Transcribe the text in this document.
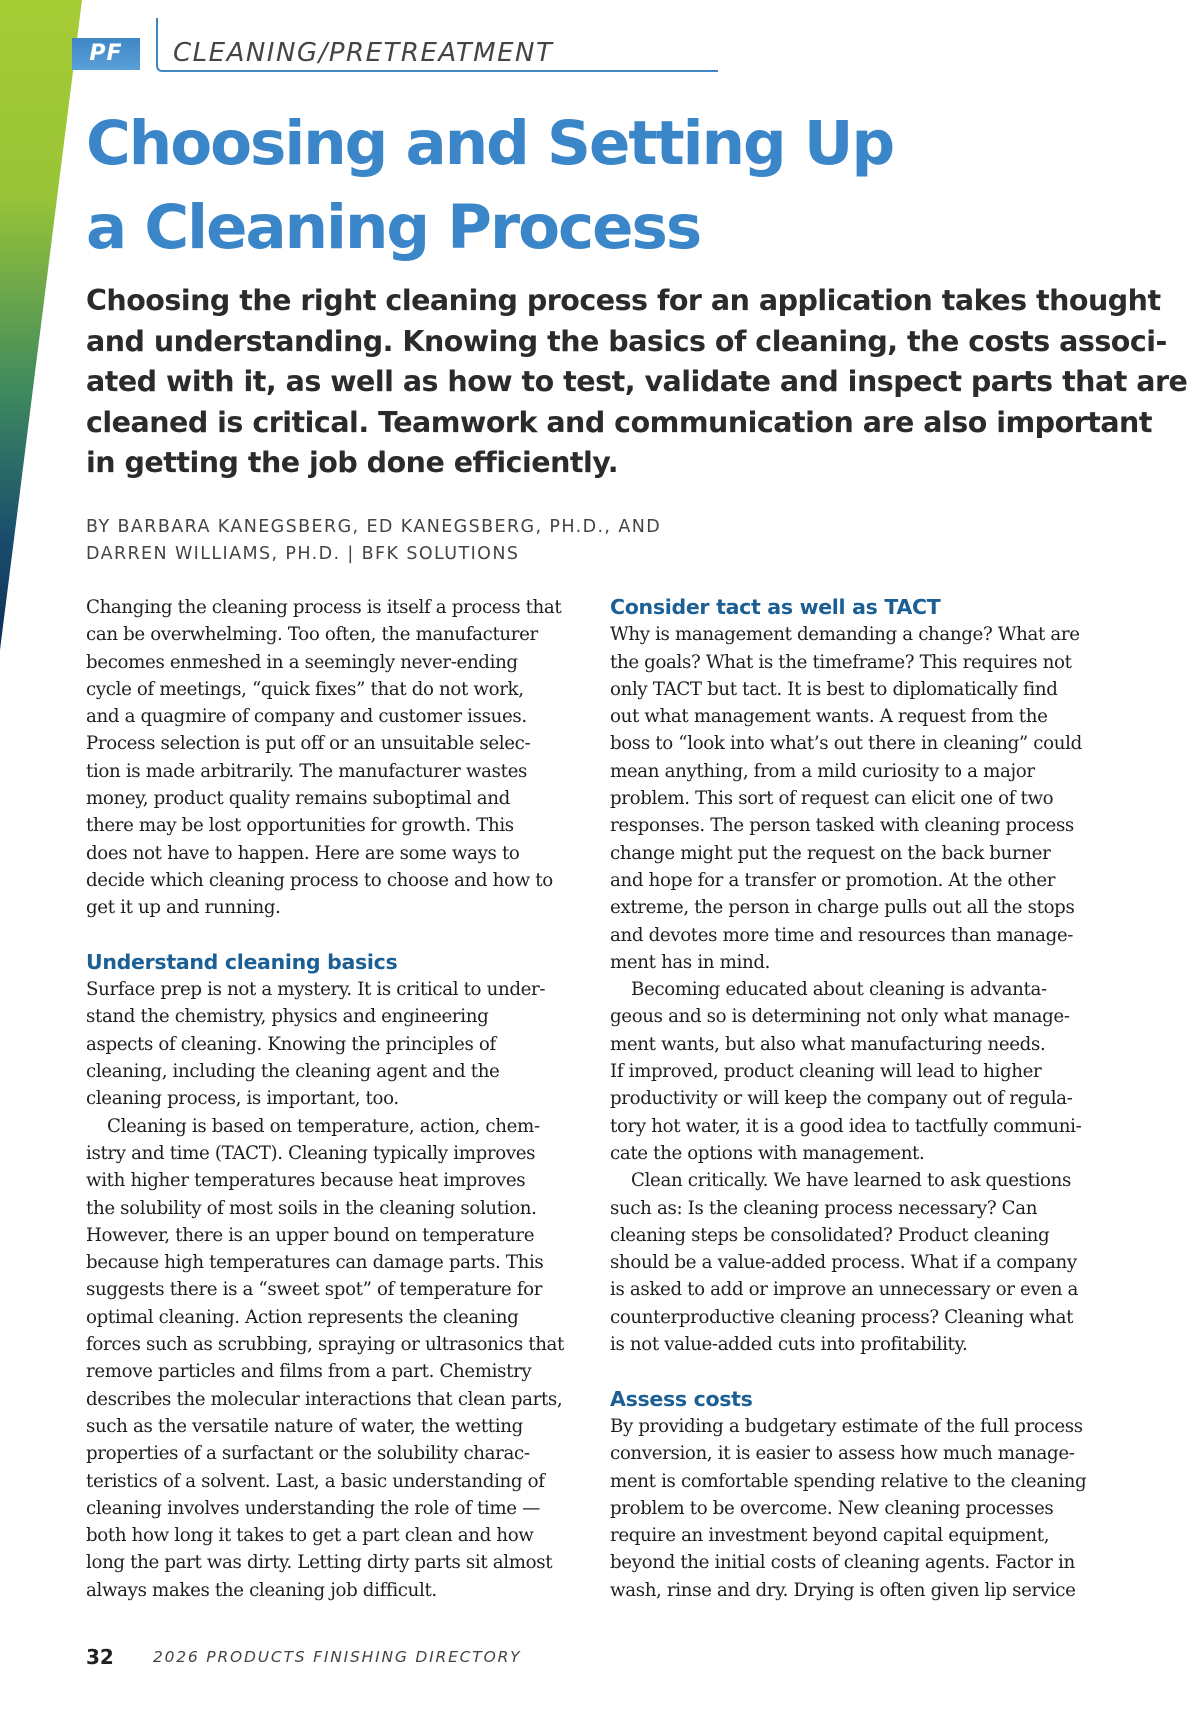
PF	CLEANING/PRETREATMENT
Choosing and Setting Up
a Cleaning Process
Choosing the right cleaning process for an application takes thought
and understanding. Knowing the basics of cleaning, the costs associ-
ated with it, as well as how to test, validate and inspect parts that are
cleaned is critical. Teamwork and communication are also important
in getting the job done efficiently.
BY BARBARA KANEGSBERG, ED KANEGSBERG, PH.D., AND
DARREN WILLIAMS, PH.D. | BFK SOLUTIONS
Changing the cleaning process is itself a process that
can be overwhelming. Too often, the manufacturer
becomes enmeshed in a seemingly never-ending
cycle of meetings, “quick fixes” that do not work,
and a quagmire of company and customer issues.
Process selection is put off or an unsuitable selec-
tion is made arbitrarily. The manufacturer wastes
money, product quality remains suboptimal and
there may be lost opportunities for growth. This
does not have to happen. Here are some ways to
decide which cleaning process to choose and how to
get it up and running.
Understand cleaning basics
Surface prep is not a mystery. It is critical to under-
stand the chemistry, physics and engineering
aspects of cleaning. Knowing the principles of
cleaning, including the cleaning agent and the
cleaning process, is important, too.
Cleaning is based on temperature, action, chem-
istry and time (TACT). Cleaning typically improves
with higher temperatures because heat improves
the solubility of most soils in the cleaning solution.
However, there is an upper bound on temperature
because high temperatures can damage parts. This
suggests there is a “sweet spot” of temperature for
optimal cleaning. Action represents the cleaning
forces such as scrubbing, spraying or ultrasonics that
remove particles and films from a part. Chemistry
describes the molecular interactions that clean parts,
such as the versatile nature of water, the wetting
properties of a surfactant or the solubility charac-
teristics of a solvent. Last, a basic understanding of
cleaning involves understanding the role of time —
both how long it takes to get a part clean and how
long the part was dirty. Letting dirty parts sit almost
always makes the cleaning job difficult.
Consider tact as well as TACT
Why is management demanding a change? What are
the goals? What is the timeframe? This requires not
only TACT but tact. It is best to diplomatically find
out what management wants. A request from the
boss to “look into what’s out there in cleaning” could
mean anything, from a mild curiosity to a major
problem. This sort of request can elicit one of two
responses. The person tasked with cleaning process
change might put the request on the back burner
and hope for a transfer or promotion. At the other
extreme, the person in charge pulls out all the stops
and devotes more time and resources than manage-
ment has in mind.
Becoming educated about cleaning is advanta-
geous and so is determining not only what manage-
ment wants, but also what manufacturing needs.
If improved, product cleaning will lead to higher
productivity or will keep the company out of regula-
tory hot water, it is a good idea to tactfully communi-
cate the options with management.
Clean critically. We have learned to ask questions
such as: Is the cleaning process necessary? Can
cleaning steps be consolidated? Product cleaning
should be a value-added process. What if a company
is asked to add or improve an unnecessary or even a
counterproductive cleaning process? Cleaning what
is not value-added cuts into profitability.
Assess costs
By providing a budgetary estimate of the full process
conversion, it is easier to assess how much manage-
ment is comfortable spending relative to the cleaning
problem to be overcome. New cleaning processes
require an investment beyond capital equipment,
beyond the initial costs of cleaning agents. Factor in
wash, rinse and dry. Drying is often given lip service
32	2026 PRODUCTS FINISHING DIRECTORY
